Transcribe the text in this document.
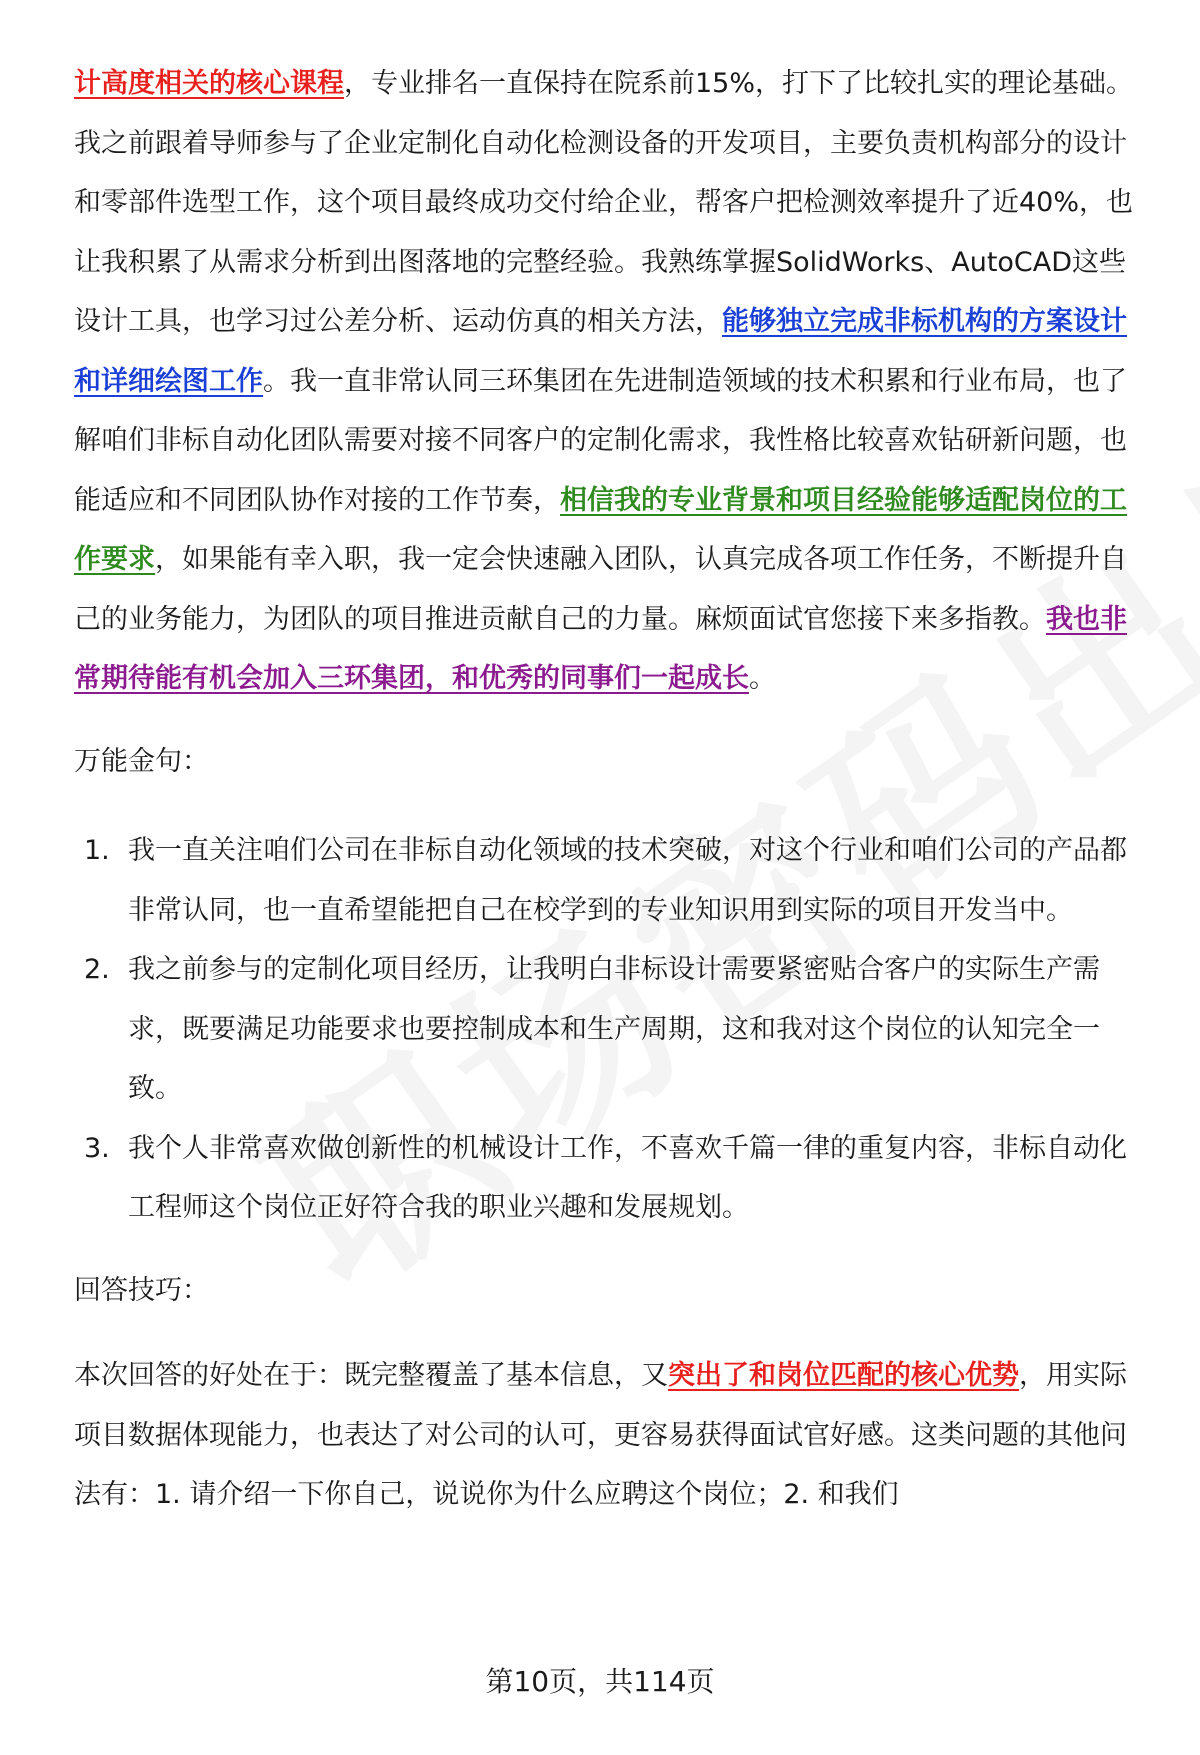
计高度相关的核心课程，专业排名一直保持在院系前15%，打下了比较扎实的理论基础。我之前跟着导师参与了企业定制化自动化检测设备的开发项目，主要负责机构部分的设计和零部件选型工作，这个项目最终成功交付给企业，帮客户把检测效率提升了近40%，也让我积累了从需求分析到出图落地的完整经验。我熟练掌握SolidWorks、AutoCAD这些设计工具，也学习过公差分析、运动仿真的相关方法，能够独立完成非标机构的方案设计和详细绘图工作。我一直非常认同三环集团在先进制造领域的技术积累和行业布局，也了解咱们非标自动化团队需要对接不同客户的定制化需求，我性格比较喜欢钻研新问题，也能适应和不同团队协作对接的工作节奏，相信我的专业背景和项目经验能够适配岗位的工作要求，如果能有幸入职，我一定会快速融入团队，认真完成各项工作任务，不断提升自己的业务能力，为团队的项目推进贡献自己的力量。麻烦面试官您接下来多指教。我也非常期待能有机会加入三环集团，和优秀的同事们一起成长。

万能金句：

1. 我一直关注咱们公司在非标自动化领域的技术突破，对这个行业和咱们公司的产品都非常认同，也一直希望能把自己在校学到的专业知识用到实际的项目开发当中。
2. 我之前参与的定制化项目经历，让我明白非标设计需要紧密贴合客户的实际生产需求，既要满足功能要求也要控制成本和生产周期，这和我对这个岗位的认知完全一致。
3. 我个人非常喜欢做创新性的机械设计工作，不喜欢千篇一律的重复内容，非标自动化工程师这个岗位正好符合我的职业兴趣和发展规划。

回答技巧：

本次回答的好处在于：既完整覆盖了基本信息，又突出了和岗位匹配的核心优势，用实际项目数据体现能力，也表达了对公司的认可，更容易获得面试官好感。这类问题的其他问法有：1. 请介绍一下你自己，说说你为什么应聘这个岗位；2. 和我们

第10页，共114页
